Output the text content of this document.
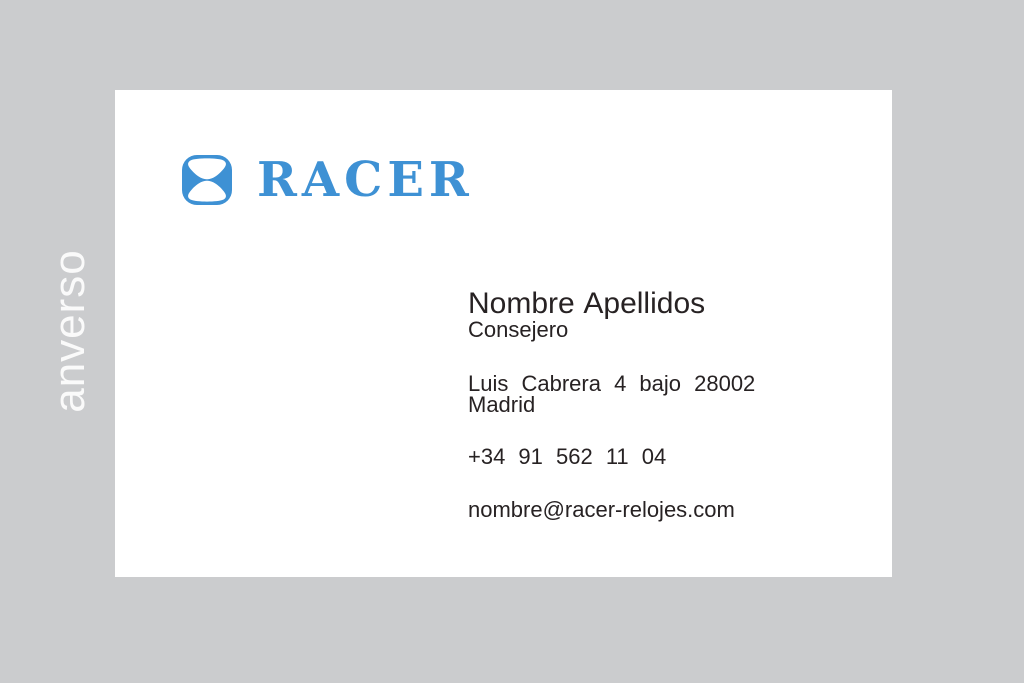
anverso
RACER
Nombre Apellidos
Consejero
Luis Cabrera 4 bajo 28002
Madrid
+34 91 562 11 04
nombre@racer-relojes.com
